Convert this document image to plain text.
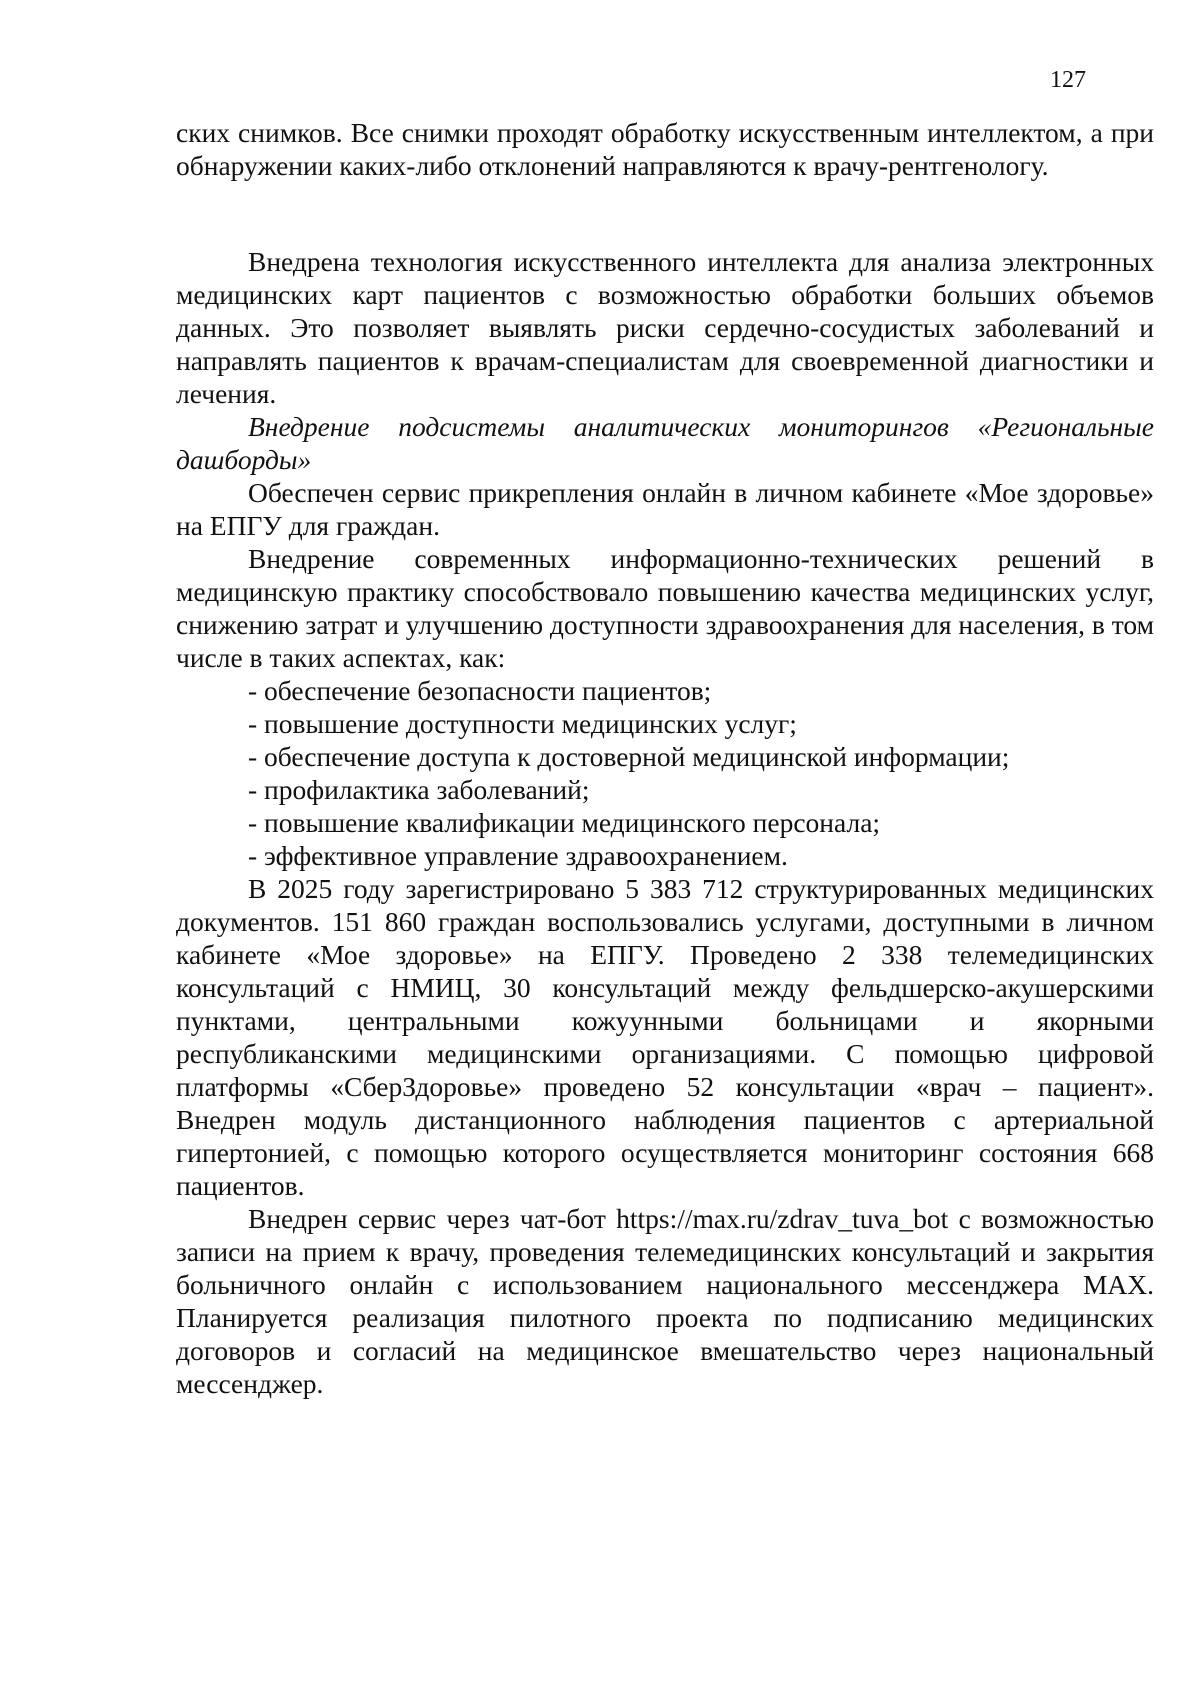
127

ских снимков. Все снимки проходят обработку искусственным интеллектом, а при обнаружении каких-либо отклонений направляются к врачу-рентгенологу.

Внедрена технология искусственного интеллекта для анализа электронных медицинских карт пациентов с возможностью обработки больших объемов данных. Это позволяет выявлять риски сердечно-сосудистых заболеваний и направлять пациентов к врачам-специалистам для своевременной диагностики и лечения.

Внедрение подсистемы аналитических мониторингов «Региональные дашборды»

Обеспечен сервис прикрепления онлайн в личном кабинете «Мое здоровье» на ЕПГУ для граждан.

Внедрение современных информационно-технических решений в медицинскую практику способствовало повышению качества медицинских услуг, снижению затрат и улучшению доступности здравоохранения для населения, в том числе в таких аспектах, как:

- обеспечение безопасности пациентов;
- повышение доступности медицинских услуг;
- обеспечение доступа к достоверной медицинской информации;
- профилактика заболеваний;
- повышение квалификации медицинского персонала;
- эффективное управление здравоохранением.

В 2025 году зарегистрировано 5 383 712 структурированных медицинских документов. 151 860 граждан воспользовались услугами, доступными в личном кабинете «Мое здоровье» на ЕПГУ. Проведено 2 338 телемедицинских консультаций с НМИЦ, 30 консультаций между фельдшерско-акушерскими пунктами, центральными кожуунными больницами и якорными республиканскими медицинскими организациями. С помощью цифровой платформы «СберЗдоровье» проведено 52 консультации «врач – пациент». Внедрен модуль дистанционного наблюдения пациентов с артериальной гипертонией, с помощью которого осуществляется мониторинг состояния 668 пациентов.

Внедрен сервис через чат-бот https://max.ru/zdrav_tuva_bot с возможностью записи на прием к врачу, проведения телемедицинских консультаций и закрытия больничного онлайн с использованием национального мессенджера MAX. Планируется реализация пилотного проекта по подписанию медицинских договоров и согласий на медицинское вмешательство через национальный мессенджер.
